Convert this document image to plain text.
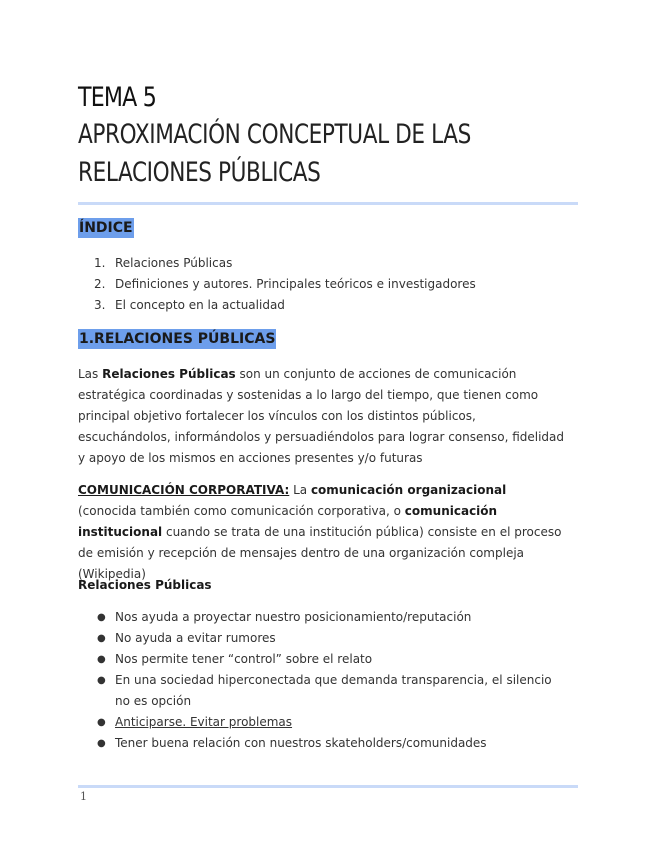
TEMA 5
APROXIMACIÓN CONCEPTUAL DE LAS
RELACIONES PÚBLICAS
ÍNDICE
1. Relaciones Públicas
2. Definiciones y autores. Principales teóricos e investigadores
3. El concepto en la actualidad
1.RELACIONES PÚBLICAS
Las Relaciones Públicas son un conjunto de acciones de comunicación estratégica coordinadas y sostenidas a lo largo del tiempo, que tienen como principal objetivo fortalecer los vínculos con los distintos públicos, escuchándolos, informándolos y persuadiéndolos para lograr consenso, fidelidad y apoyo de los mismos en acciones presentes y/o futuras
COMUNICACIÓN CORPORATIVA: La comunicación organizacional (conocida también como comunicación corporativa, o comunicación institucional cuando se trata de una institución pública) consiste en el proceso de emisión y recepción de mensajes dentro de una organización compleja (Wikipedia)
Relaciones Públicas
● Nos ayuda a proyectar nuestro posicionamiento/reputación
● No ayuda a evitar rumores
● Nos permite tener “control” sobre el relato
● En una sociedad hiperconectada que demanda transparencia, el silencio no es opción
● Anticiparse. Evitar problemas
● Tener buena relación con nuestros skateholders/comunidades
1
